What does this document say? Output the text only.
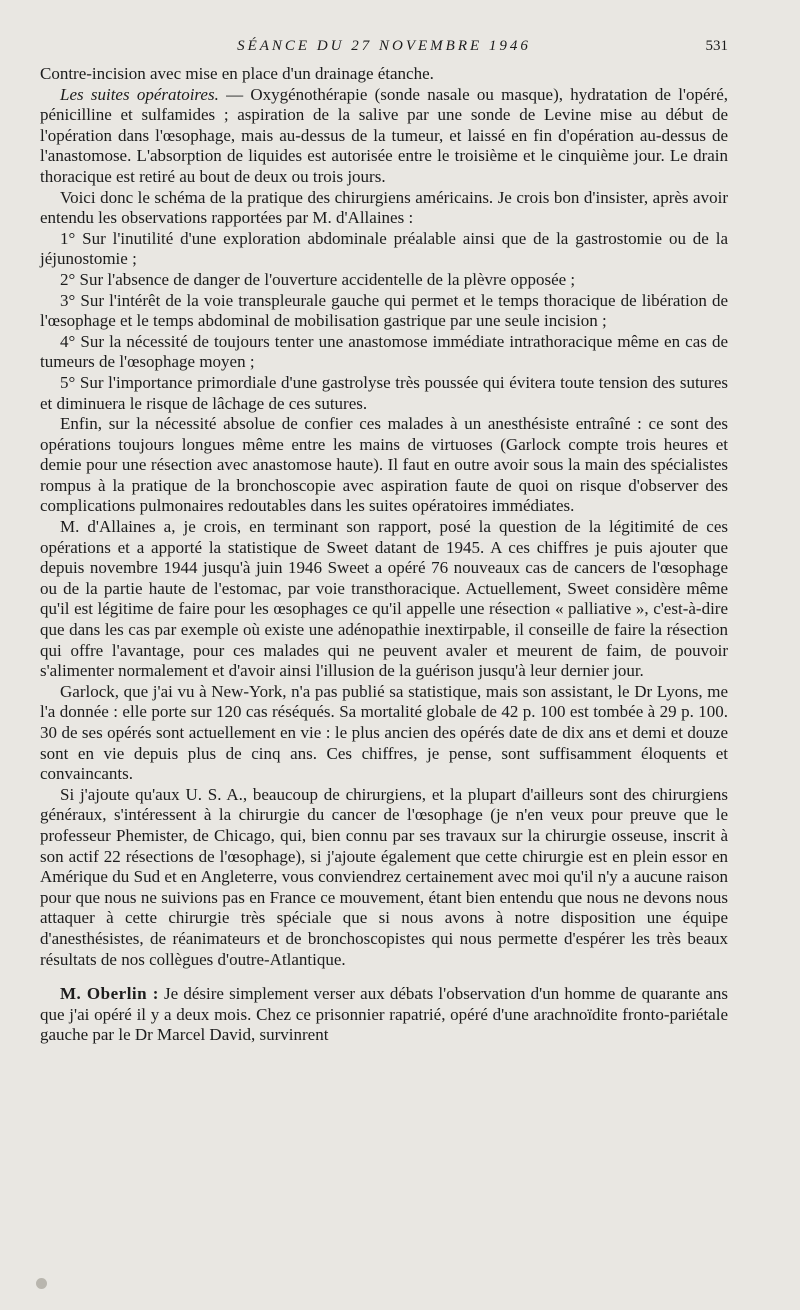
SÉANCE DU 27 NOVEMBRE 1946	531

Contre-incision avec mise en place d'un drainage étanche.

Les suites opératoires. — Oxygénothérapie (sonde nasale ou masque), hydratation de l'opéré, pénicilline et sulfamides ; aspiration de la salive par une sonde de Levine mise au début de l'opération dans l'œsophage, mais au-dessus de la tumeur, et laissé en fin d'opération au-dessus de l'anastomose. L'absorption de liquides est autorisée entre le troisième et le cinquième jour. Le drain thoracique est retiré au bout de deux ou trois jours.

Voici donc le schéma de la pratique des chirurgiens américains. Je crois bon d'insister, après avoir entendu les observations rapportées par M. d'Allaines :

1° Sur l'inutilité d'une exploration abdominale préalable ainsi que de la gastrostomie ou de la jéjunostomie ;

2° Sur l'absence de danger de l'ouverture accidentelle de la plèvre opposée ;

3° Sur l'intérêt de la voie transpleurale gauche qui permet et le temps thoracique de libération de l'œsophage et le temps abdominal de mobilisation gastrique par une seule incision ;

4° Sur la nécessité de toujours tenter une anastomose immédiate intrathoracique même en cas de tumeurs de l'œsophage moyen ;

5° Sur l'importance primordiale d'une gastrolyse très poussée qui évitera toute tension des sutures et diminuera le risque de lâchage de ces sutures.

Enfin, sur la nécessité absolue de confier ces malades à un anesthésiste entraîné : ce sont des opérations toujours longues même entre les mains de virtuoses (Garlock compte trois heures et demie pour une résection avec anastomose haute). Il faut en outre avoir sous la main des spécialistes rompus à la pratique de la bronchoscopie avec aspiration faute de quoi on risque d'observer des complications pulmonaires redoutables dans les suites opératoires immédiates.

M. d'Allaines a, je crois, en terminant son rapport, posé la question de la légitimité de ces opérations et a apporté la statistique de Sweet datant de 1945. A ces chiffres je puis ajouter que depuis novembre 1944 jusqu'à juin 1946 Sweet a opéré 76 nouveaux cas de cancers de l'œsophage ou de la partie haute de l'estomac, par voie transthoracique. Actuellement, Sweet considère même qu'il est légitime de faire pour les œsophages ce qu'il appelle une résection « palliative », c'est-à-dire que dans les cas par exemple où existe une adénopathie inextirpable, il conseille de faire la résection qui offre l'avantage, pour ces malades qui ne peuvent avaler et meurent de faim, de pouvoir s'alimenter normalement et d'avoir ainsi l'illusion de la guérison jusqu'à leur dernier jour.

Garlock, que j'ai vu à New-York, n'a pas publié sa statistique, mais son assistant, le Dr Lyons, me l'a donnée : elle porte sur 120 cas réséqués. Sa mortalité globale de 42 p. 100 est tombée à 29 p. 100. 30 de ses opérés sont actuellement en vie : le plus ancien des opérés date de dix ans et demi et douze sont en vie depuis plus de cinq ans. Ces chiffres, je pense, sont suffisamment éloquents et convaincants.

Si j'ajoute qu'aux U. S. A., beaucoup de chirurgiens, et la plupart d'ailleurs sont des chirurgiens généraux, s'intéressent à la chirurgie du cancer de l'œsophage (je n'en veux pour preuve que le professeur Phemister, de Chicago, qui, bien connu par ses travaux sur la chirurgie osseuse, inscrit à son actif 22 résections de l'œsophage), si j'ajoute également que cette chirurgie est en plein essor en Amérique du Sud et en Angleterre, vous conviendrez certainement avec moi qu'il n'y a aucune raison pour que nous ne suivions pas en France ce mouvement, étant bien entendu que nous ne devons nous attaquer à cette chirurgie très spéciale que si nous avons à notre disposition une équipe d'anesthésistes, de réanimateurs et de bronchoscopistes qui nous permette d'espérer les très beaux résultats de nos collègues d'outre-Atlantique.

M. Oberlin : Je désire simplement verser aux débats l'observation d'un homme de quarante ans que j'ai opéré il y a deux mois. Chez ce prisonnier rapatrié, opéré d'une arachnoïdite fronto-pariétale gauche par le Dr Marcel David, survinrent
